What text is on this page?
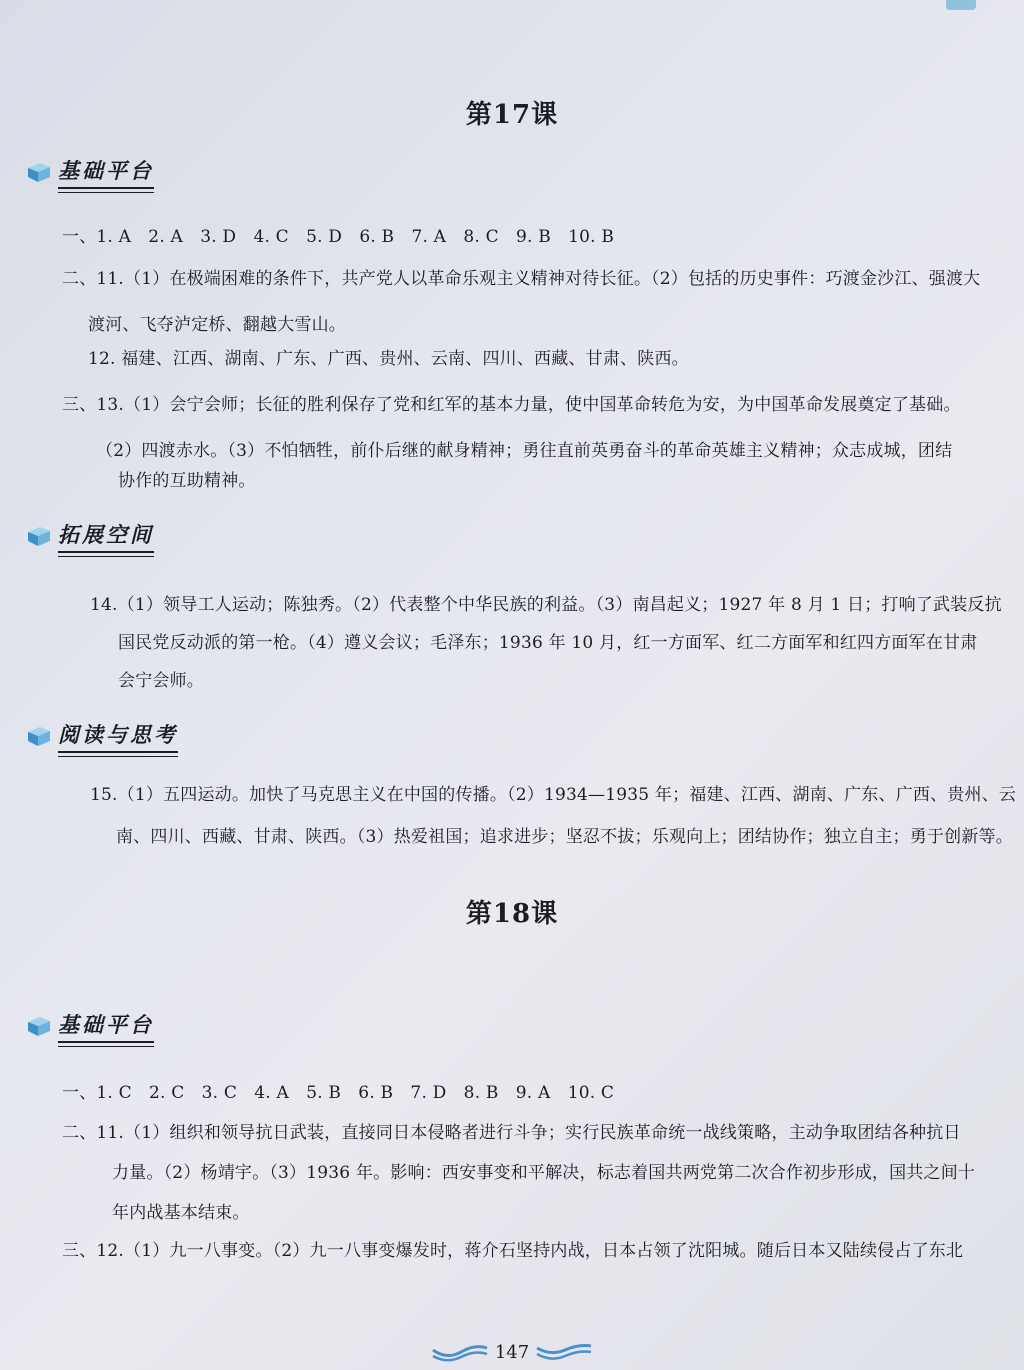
第17课
基础平台
一、1. A　2. A　3. D　4. C　5. D　6. B　7. A　8. C　9. B　10. B
二、11.（1）在极端困难的条件下，共产党人以革命乐观主义精神对待长征。（2）包括的历史事件：巧渡金沙江、强渡大
渡河、飞夺泸定桥、翻越大雪山。
12. 福建、江西、湖南、广东、广西、贵州、云南、四川、西藏、甘肃、陕西。
三、13.（1）会宁会师；长征的胜利保存了党和红军的基本力量，使中国革命转危为安，为中国革命发展奠定了基础。
（2）四渡赤水。（3）不怕牺牲，前仆后继的献身精神；勇往直前英勇奋斗的革命英雄主义精神；众志成城，团结
协作的互助精神。
拓展空间
14.（1）领导工人运动；陈独秀。（2）代表整个中华民族的利益。（3）南昌起义；1927 年 8 月 1 日；打响了武装反抗
国民党反动派的第一枪。（4）遵义会议；毛泽东；1936 年 10 月，红一方面军、红二方面军和红四方面军在甘肃
会宁会师。
阅读与思考
15.（1）五四运动。加快了马克思主义在中国的传播。（2）1934—1935 年；福建、江西、湖南、广东、广西、贵州、云
南、四川、西藏、甘肃、陕西。（3）热爱祖国；追求进步；坚忍不拔；乐观向上；团结协作；独立自主；勇于创新等。
第18课
基础平台
一、1. C　2. C　3. C　4. A　5. B　6. B　7. D　8. B　9. A　10. C
二、11.（1）组织和领导抗日武装，直接同日本侵略者进行斗争；实行民族革命统一战线策略，主动争取团结各种抗日
力量。（2）杨靖宇。（3）1936 年。影响：西安事变和平解决，标志着国共两党第二次合作初步形成，国共之间十
年内战基本结束。
三、12.（1）九一八事变。（2）九一八事变爆发时，蒋介石坚持内战，日本占领了沈阳城。随后日本又陆续侵占了东北
147
